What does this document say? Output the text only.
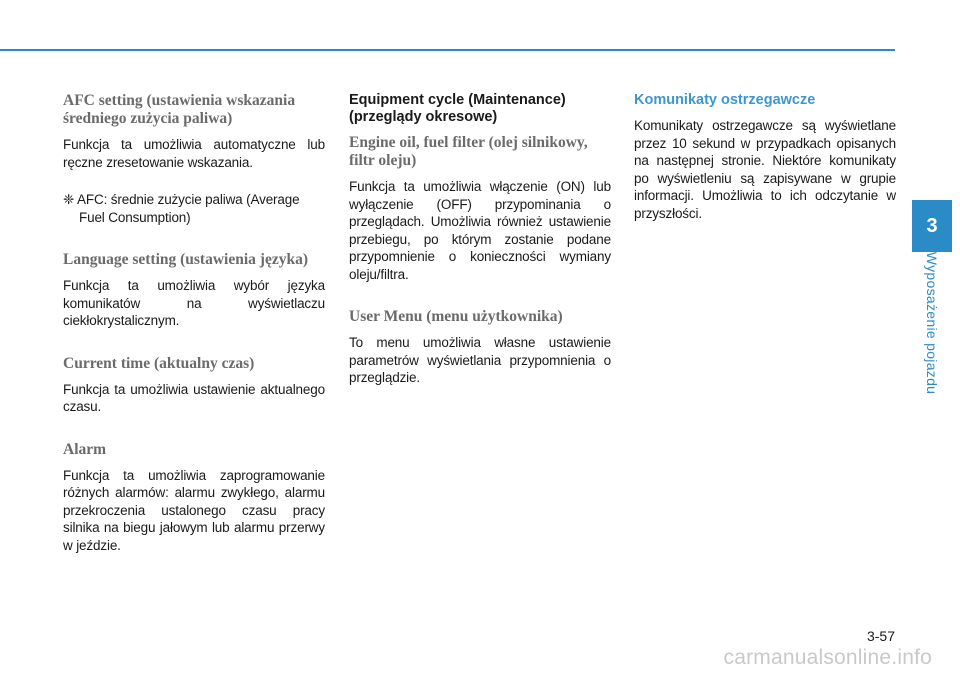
AFC setting (ustawienia wskazania średniego zużycia paliwa)

Funkcja ta umożliwia automatyczne lub ręczne zresetowanie wskazania.

❈ AFC: średnie zużycie paliwa (Average Fuel Consumption)

Language setting (ustawienia języka)

Funkcja ta umożliwia wybór języka komunikatów na wyświetlaczu ciekłokrystalicznym.

Current time (aktualny czas)

Funkcja ta umożliwia ustawienie aktualnego czasu.

Alarm

Funkcja ta umożliwia zaprogramowanie różnych alarmów: alarmu zwykłego, alarmu przekroczenia ustalonego czasu pracy silnika na biegu jałowym lub alarmu przerwy w jeździe.

Equipment cycle (Maintenance) (przeglądy okresowe)
Engine oil, fuel filter (olej silnikowy, filtr oleju)

Funkcja ta umożliwia włączenie (ON) lub wyłączenie (OFF) przypominania o przeglądach. Umożliwia również ustawienie przebiegu, po którym zostanie podane przypomnienie o konieczności wymiany oleju/filtra.

User Menu (menu użytkownika)

To menu umożliwia własne ustawienie parametrów wyświetlania przypomnienia o przeglądzie.

Komunikaty ostrzegawcze

Komunikaty ostrzegawcze są wyświetlane przez 10 sekund w przypadkach opisanych na następnej stronie. Niektóre komunikaty po wyświetleniu są zapisywane w grupie informacji. Umożliwia to ich odczytanie w przyszłości.

3
Wyposażenie pojazdu
3-57
carmanualsonline.info
